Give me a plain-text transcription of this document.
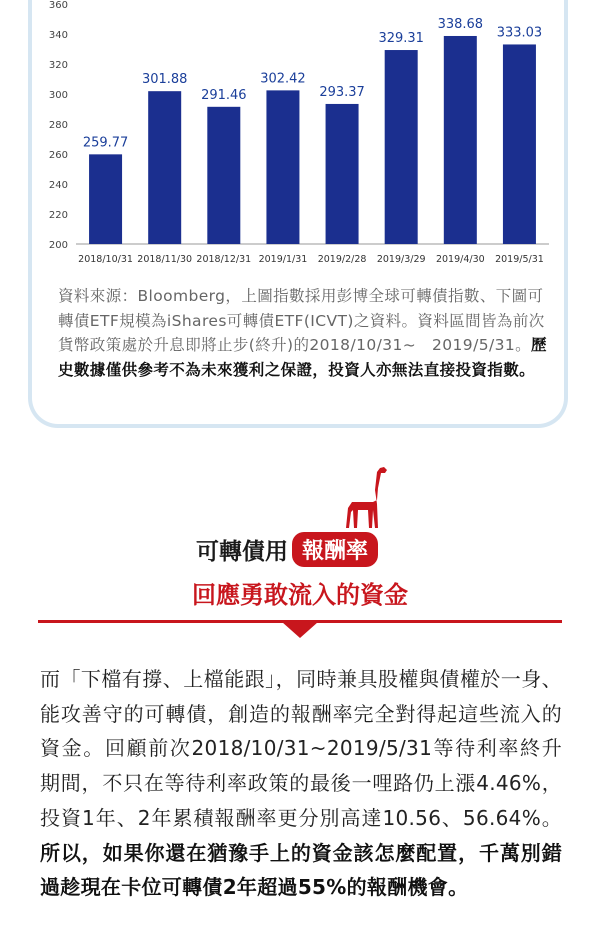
200
220
240
260
280
300
320
340
360
259.77
2018/10/31
301.88
2018/11/30
291.46
2018/12/31
302.42
2019/1/31
293.37
2019/2/28
329.31
2019/3/29
338.68
2019/4/30
333.03
2019/5/31
資料來源：Bloomberg，上圖指數採用彭博全球可轉債指數、下圖可轉債ETF規模為iShares可轉債ETF(ICVT)之資料。資料區間皆為前次貨幣政策處於升息即將止步(終升)的2018/10/31~　2019/5/31。歷史數據僅供參考不為未來獲利之保證，投資人亦無法直接投資指數。
可轉債用 報酬率
回應勇敢流入的資金
而「下檔有撐、上檔能跟」，同時兼具股權與債權於一身、能攻善守的可轉債，創造的報酬率完全對得起這些流入的資金。回顧前次2018/10/31~2019/5/31等待利率終升期間，不只在等待利率政策的最後一哩路仍上漲4.46%，投資1年、2年累積報酬率更分別高達10.56、56.64%。所以，如果你還在猶豫手上的資金該怎麼配置，千萬別錯過趁現在卡位可轉債2年超過55%的報酬機會。
